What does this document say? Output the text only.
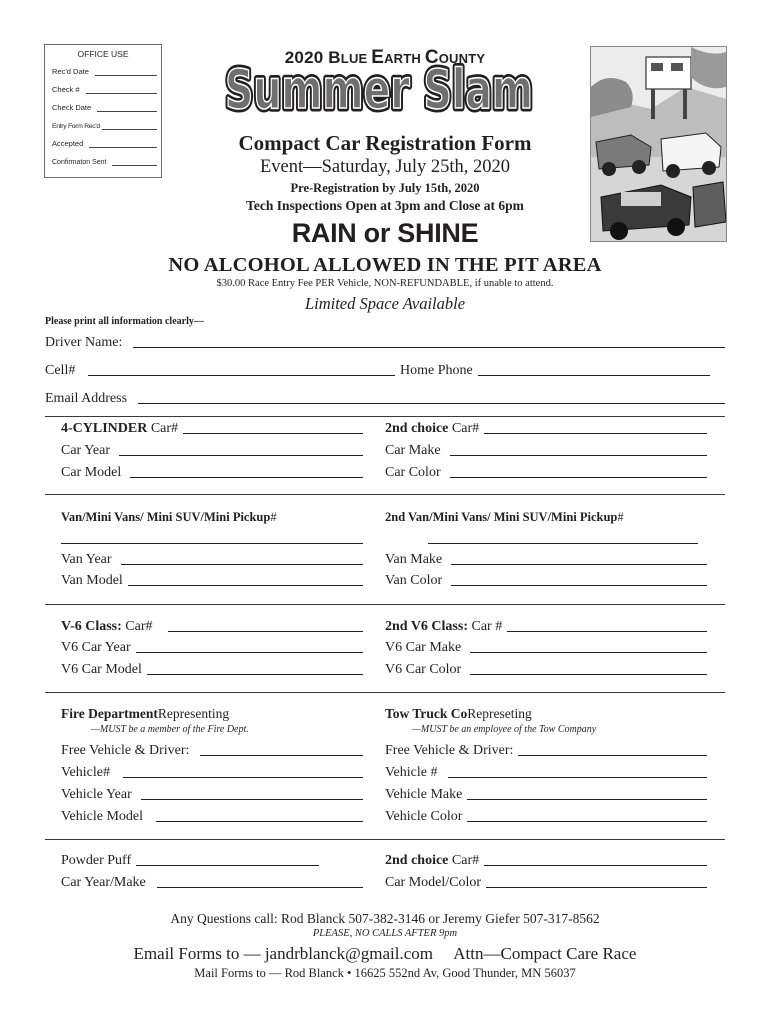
OFFICE USE
Rec'd Date
Check #
Check Date
Entry Form Rec'd
Accepted
Confirmaton Sent
2020 BLUE EARTH COUNTY
Summer Slam
Summer Slam
Compact Car Registration Form
Event—Saturday, July 25th, 2020
Pre-Registration by July 15th, 2020
Tech Inspections Open at 3pm and Close at 6pm
RAIN or SHINE
NO ALCOHOL ALLOWED IN THE PIT AREA
$30.00 Race Entry Fee PER Vehicle, NON-REFUNDABLE, if unable to attend.
Limited Space Available
Please print all information clearly—
Driver Name:
Cell#	Home Phone
Email Address
4-CYLINDER Car#	2nd choice Car#
Car Year	Car Make
Car Model	Car Color
Van/Mini Vans/ Mini SUV/Mini Pickup #	2nd Van/Mini Vans/ Mini SUV/Mini Pickup #
Van Year	Van Make
Van Model	Van Color
V-6 Class: Car#	2nd V6 Class: Car #
V6 Car Year	V6 Car Make
V6 Car Model	V6 Car Color
Fire Department Representing
—MUST be a member of the Fire Dept.
Tow Truck Co Represeting
—MUST be an employee of the Tow Company
Free Vehicle & Driver:	Free Vehicle & Driver:
Vehicle#	Vehicle #
Vehicle Year	Vehicle Make
Vehicle Model	Vehicle Color
Powder Puff	2nd choice Car#
Car Year/Make	Car Model/Color
Any Questions call: Rod Blanck 507-382-3146 or Jeremy Giefer 507-317-8562
PLEASE, NO CALLS AFTER 9pm
Email Forms to — jandrblanck@gmail.com     Attn—Compact Care Race
Mail Forms to — Rod Blanck • 16625 552nd Av, Good Thunder, MN 56037
